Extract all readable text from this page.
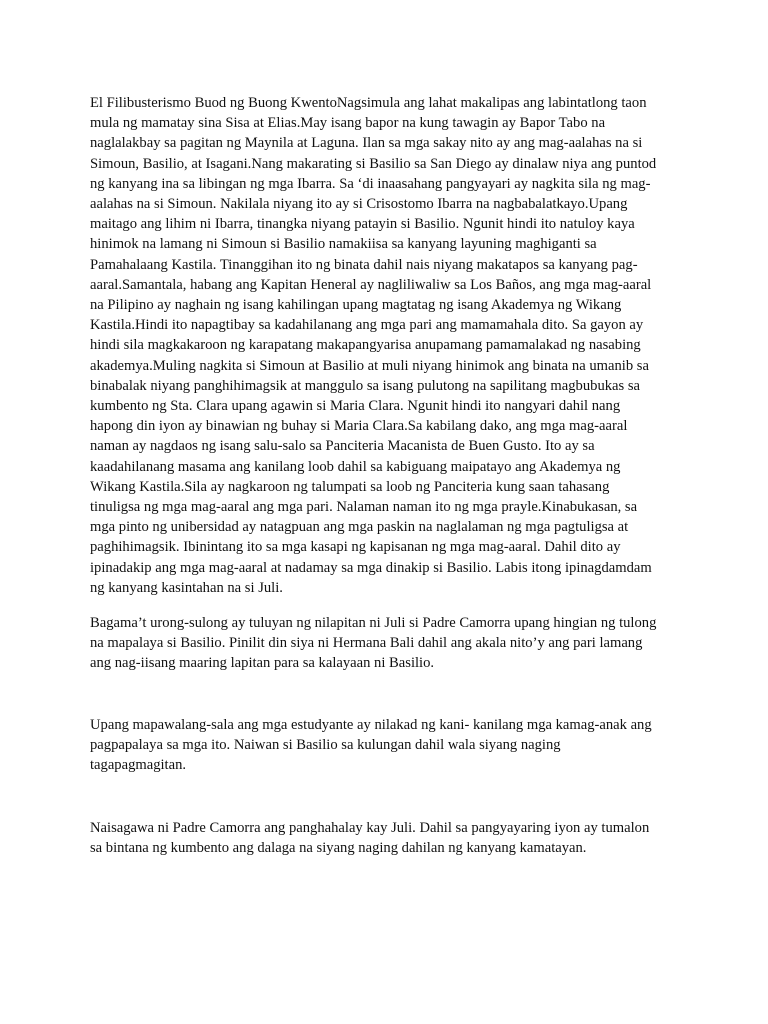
El Filibusterismo Buod ng Buong KwentoNagsimula ang lahat makalipas ang labintatlong taon
mula ng mamatay sina Sisa at Elias.May isang bapor na kung tawagin ay Bapor Tabo na
naglalakbay sa pagitan ng Maynila at Laguna. Ilan sa mga sakay nito ay ang mag-aalahas na si
Simoun, Basilio, at Isagani.Nang makarating si Basilio sa San Diego ay dinalaw niya ang puntod
ng kanyang ina sa libingan ng mga Ibarra. Sa ‘di inaasahang pangyayari ay nagkita sila ng mag-
aalahas na si Simoun. Nakilala niyang ito ay si Crisostomo Ibarra na nagbabalatkayo.Upang
maitago ang lihim ni Ibarra, tinangka niyang patayin si Basilio. Ngunit hindi ito natuloy kaya
hinimok na lamang ni Simoun si Basilio namakiisa sa kanyang layuning maghiganti sa
Pamahalaang Kastila. Tinanggihan ito ng binata dahil nais niyang makatapos sa kanyang pag-
aaral.Samantala, habang ang Kapitan Heneral ay nagliliwaliw sa Los Baños, ang mga mag-aaral
na Pilipino ay naghain ng isang kahilingan upang magtatag ng isang Akademya ng Wikang
Kastila.Hindi ito napagtibay sa kadahilanang ang mga pari ang mamamahala dito. Sa gayon ay
hindi sila magkakaroon ng karapatang makapangyarisa anupamang pamamalakad ng nasabing
akademya.Muling nagkita si Simoun at Basilio at muli niyang hinimok ang binata na umanib sa
binabalak niyang panghihimagsik at manggulo sa isang pulutong na sapilitang magbubukas sa
kumbento ng Sta. Clara upang agawin si Maria Clara. Ngunit hindi ito nangyari dahil nang
hapong din iyon ay binawian ng buhay si Maria Clara.Sa kabilang dako, ang mga mag-aaral
naman ay nagdaos ng isang salu-salo sa Panciteria Macanista de Buen Gusto. Ito ay sa
kaadahilanang masama ang kanilang loob dahil sa kabiguang maipatayo ang Akademya ng
Wikang Kastila.Sila ay nagkaroon ng talumpati sa loob ng Panciteria kung saan tahasang
tinuligsa ng mga mag-aaral ang mga pari. Nalaman naman ito ng mga prayle.Kinabukasan, sa
mga pinto ng unibersidad ay natagpuan ang mga paskin na naglalaman ng mga pagtuligsa at
paghihimagsik. Ibinintang ito sa mga kasapi ng kapisanan ng mga mag-aaral. Dahil dito ay
ipinadakip ang mga mag-aaral at nadamay sa mga dinakip si Basilio. Labis itong ipinagdamdam
ng kanyang kasintahan na si Juli.

Bagama’t urong-sulong ay tuluyan ng nilapitan ni Juli si Padre Camorra upang hingian ng tulong
na mapalaya si Basilio. Pinilit din siya ni Hermana Bali dahil ang akala nito’y ang pari lamang
ang nag-iisang maaring lapitan para sa kalayaan ni Basilio.

Upang mapawalang-sala ang mga estudyante ay nilakad ng kani- kanilang mga kamag-anak ang
pagpapalaya sa mga ito. Naiwan si Basilio sa kulungan dahil wala siyang naging
tagapagmagitan.

Naisagawa ni Padre Camorra ang panghahalay kay Juli. Dahil sa pangyayaring iyon ay tumalon
sa bintana ng kumbento ang dalaga na siyang naging dahilan ng kanyang kamatayan.
